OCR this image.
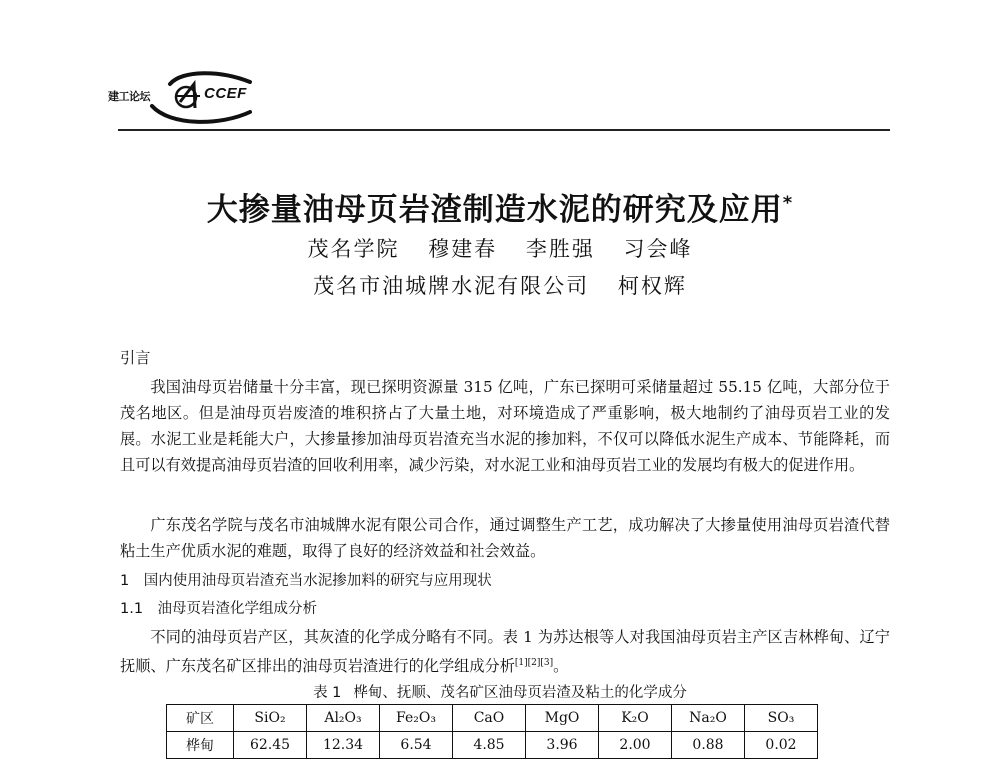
建工论坛	CCEF
大掺量油母页岩渣制造水泥的研究及应用*
茂名学院 穆建春 李胜强 习会峰
茂名市油城牌水泥有限公司 柯权辉
引言

我国油母页岩储量十分丰富，现已探明资源量 315 亿吨，广东已探明可采储量超过 55.15 亿吨，大部分位于茂名地区。但是油母页岩废渣的堆积挤占了大量土地，对环境造成了严重影响，极大地制约了油母页岩工业的发展。水泥工业是耗能大户，大掺量掺加油母页岩渣充当水泥的掺加料，不仅可以降低水泥生产成本、节能降耗，而且可以有效提高油母页岩渣的回收利用率，减少污染，对水泥工业和油母页岩工业的发展均有极大的促进作用。

广东茂名学院与茂名市油城牌水泥有限公司合作，通过调整生产工艺，成功解决了大掺量使用油母页岩渣代替粘土生产优质水泥的难题，取得了良好的经济效益和社会效益。

1　国内使用油母页岩渣充当水泥掺加料的研究与应用现状
1.1　油母页岩渣化学组成分析

不同的油母页岩产区，其灰渣的化学成分略有不同。表 1 为苏达根等人对我国油母页岩主产区吉林桦甸、辽宁抚顺、广东茂名矿区排出的油母页岩渣进行的化学组成分析[1][2][3]。

表 1 桦甸、抚顺、茂名矿区油母页岩渣及粘土的化学成分
矿区	SiO₂	Al₂O₃	Fe₂O₃	CaO	MgO	K₂O	Na₂O	SO₃
桦甸	62.45	12.34	6.54	4.85	3.96	2.00	0.88	0.02
